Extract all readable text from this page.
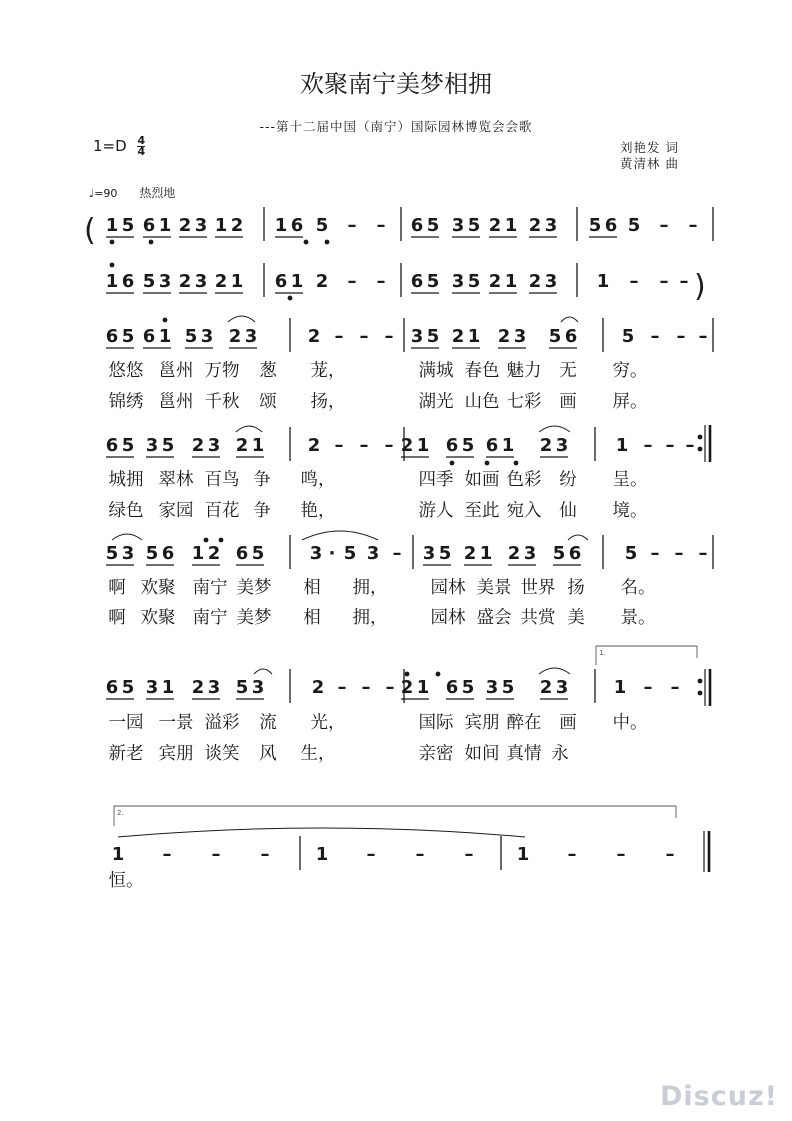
欢聚南宁美梦相拥
---第十二届中国（南宁）国际园林博览会会歌
$1=D \frac{4}{4}$	刘艳发 词
黄清林 曲
♩=90 热烈地
Discuz!
1 5 6 1 2 3 1 2 1 6 5 – – 6 5 3 5 2 1 2 3 5 6 5 – –
1 6 5 3 2 3 2 1 6 1 2 – – 6 5 3 5 2 1 2 3 1 – – –
6 5 6 1 5 3 2 3	2 – – – 3 5 2 1 2 3 5 6 5 – – –
6 5 3 5 2 3 2 1 2 – – – 2 1 6 5 6 1 2 3	1 – – –
5 3 5 6 1 2 6 5	3 · 5 3 – 3 5 2 1 2 3 5 6 5 – – –
6 5 3 1 2 3 5 3	2 – – – 2 1 6 5 3 5 2 3	1 – –
1 – – –	1 – – – 1 – – –
(
)
1.
2.
悠悠 邕州 万物 葱 茏，	满城 春色 魅力 无 穷。
锦绣 邕州 千秋 颂 扬，	湖光 山色 七彩 画 屏。
城拥 翠林 百鸟 争 鸣，	四季 如画 色彩 纷 呈。
绿色 家园 百花 争 艳，	游人 至此 宛入 仙 境。
啊 欢聚 南宁 美梦 相 拥， 园林 美景 世界 扬 名。
啊 欢聚 南宁 美梦 相 拥， 园林 盛会 共赏 美 景。
一园 一景 溢彩 流 光，	国际 宾朋 醉在 画 中。
新老 宾朋 谈笑 风 生，	亲密 如间 真情 永
恒。
